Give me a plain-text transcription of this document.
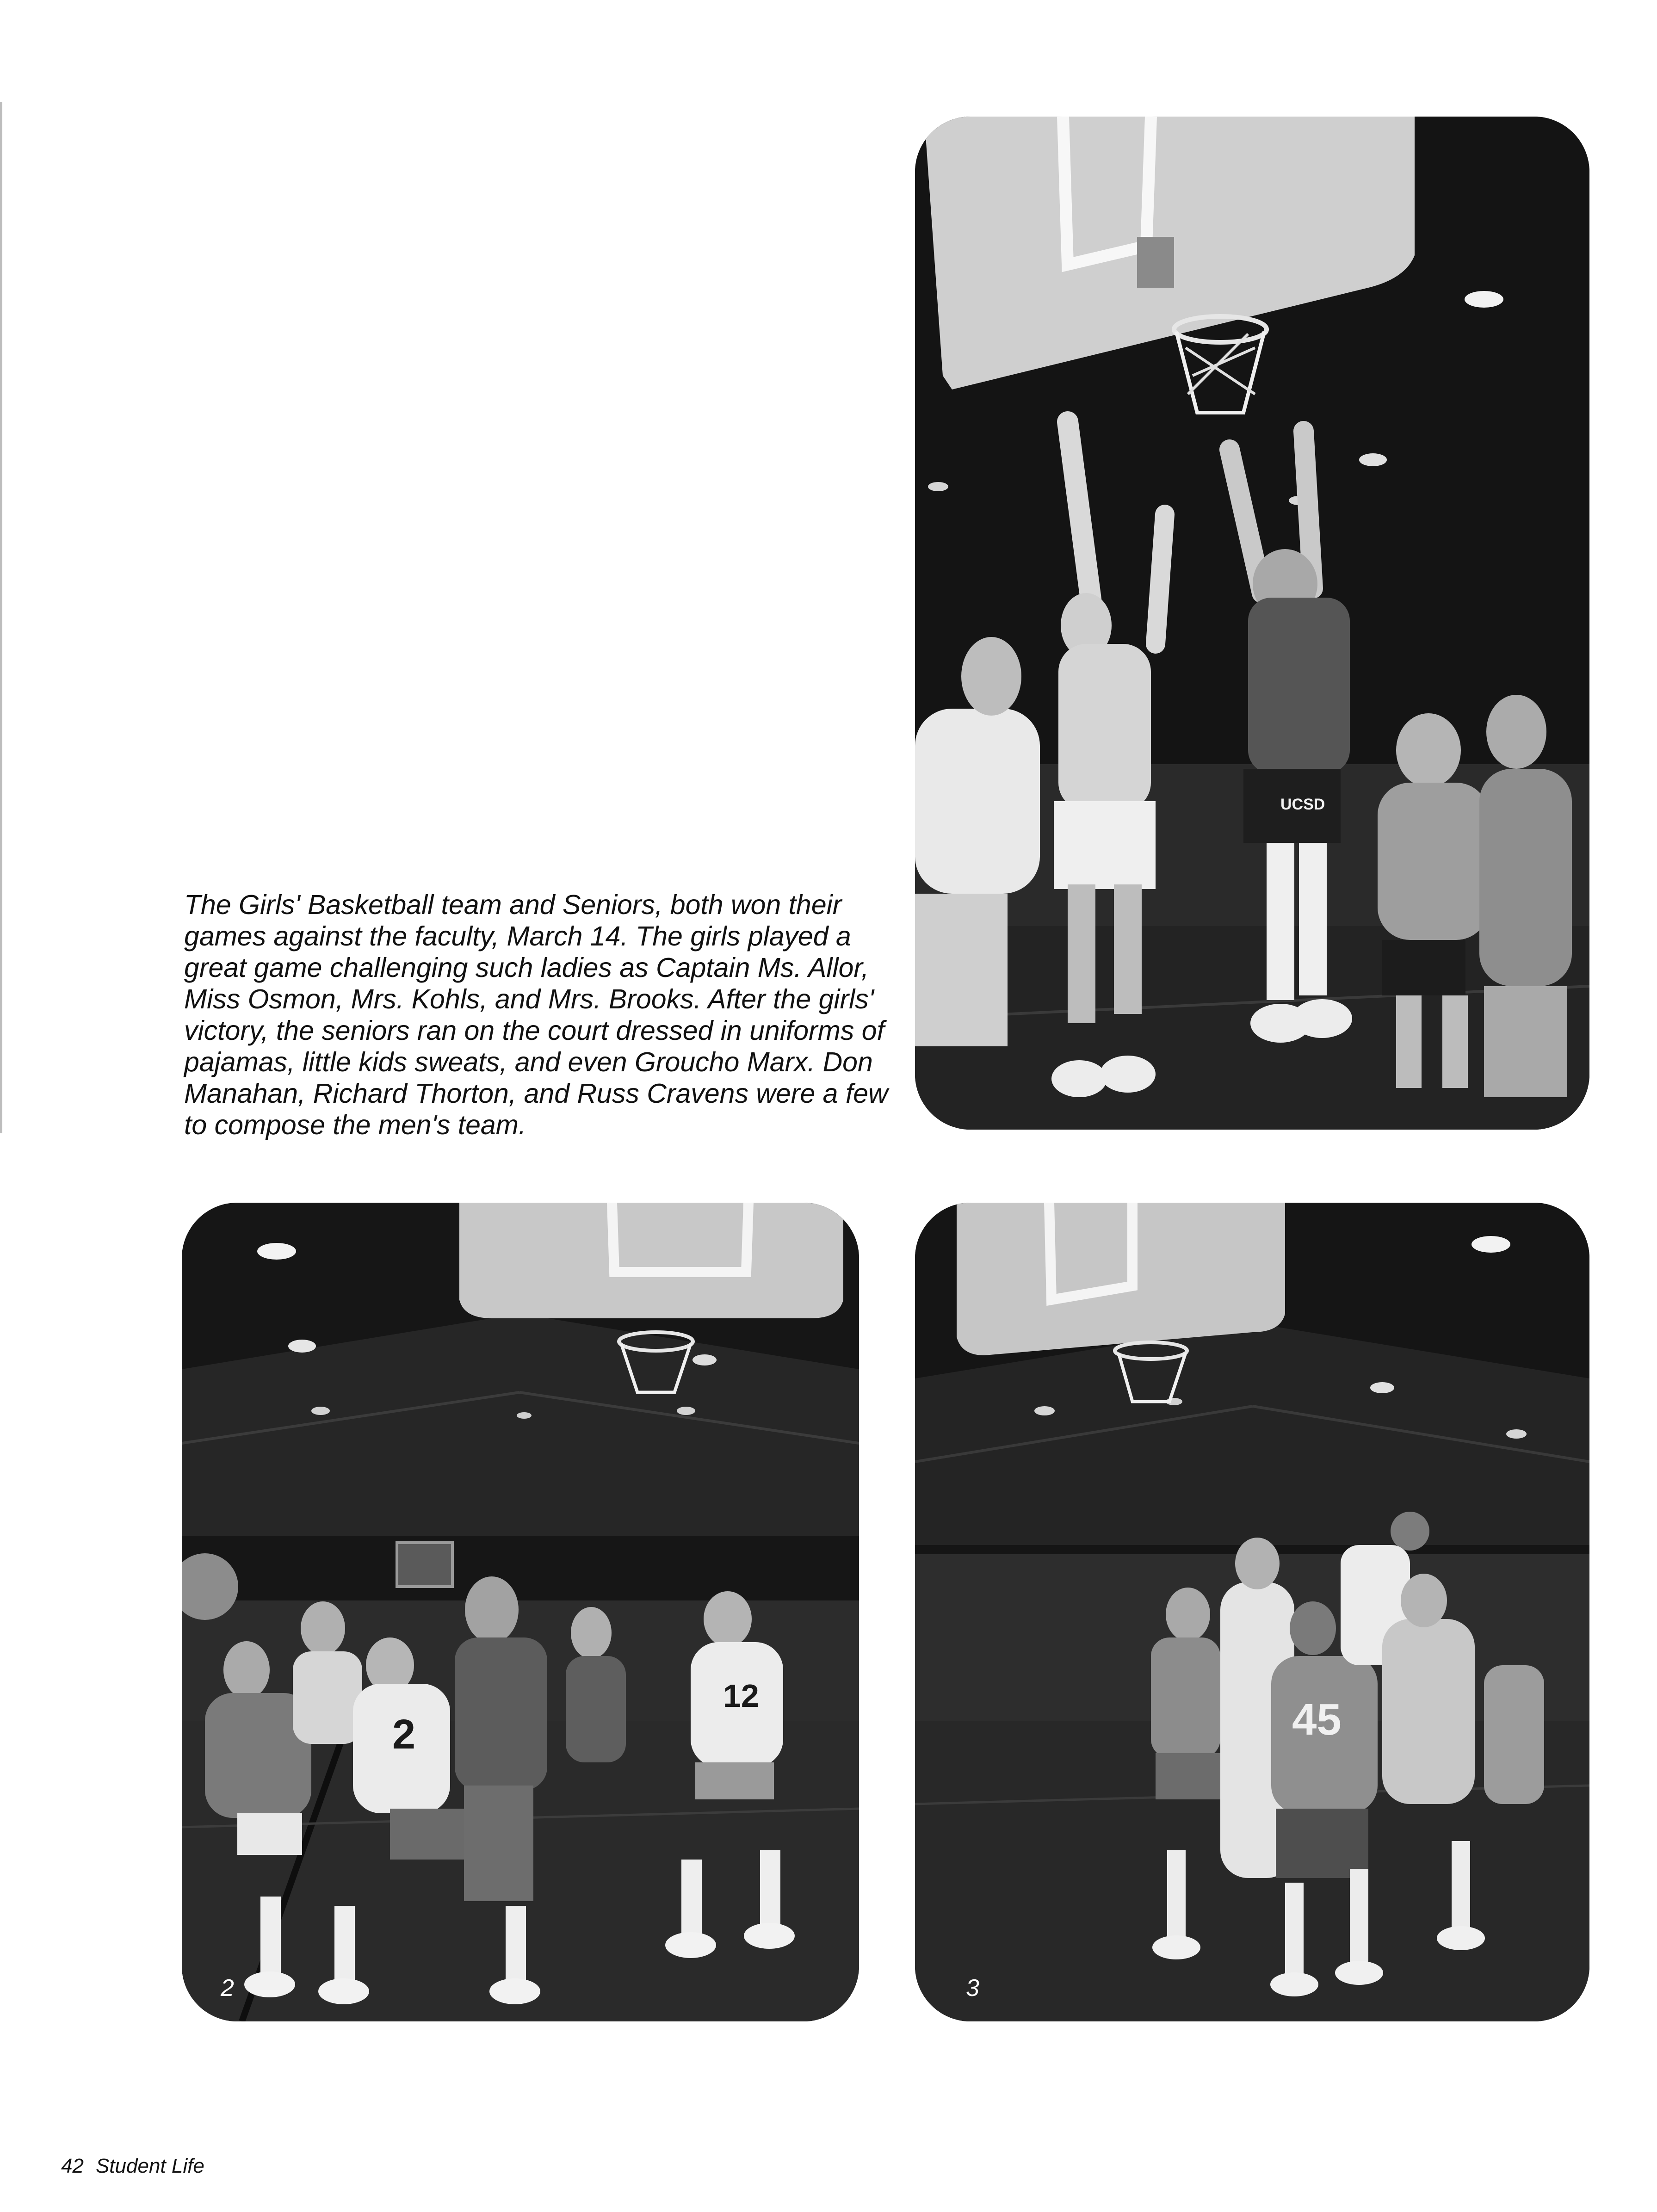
UCSD
The Girls' Basketball team and Seniors, both won their
games against the faculty, March 14. The girls played a
great game challenging such ladies as Captain Ms. Allor,
Miss Osmon, Mrs. Kohls, and Mrs. Brooks. After the girls'
victory, the seniors ran on the court dressed in uniforms of
pajamas, little kids sweats, and even Groucho Marx. Don
Manahan, Richard Thorton, and Russ Cravens were a few
to compose the men's team.
2
12
2
45
3
42 Student Life
